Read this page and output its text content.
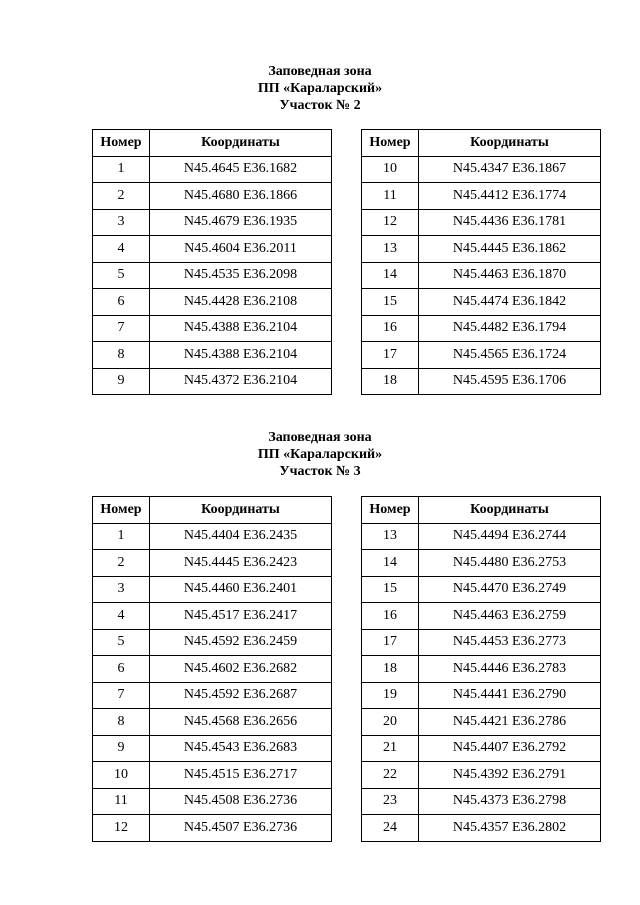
Заповедная зона
ПП «Караларский»
Участок № 2
Номер	Координаты
1	N45.4645 E36.1682
2	N45.4680 E36.1866
3	N45.4679 E36.1935
4	N45.4604 E36.2011
5	N45.4535 E36.2098
6	N45.4428 E36.2108
7	N45.4388 E36.2104
8	N45.4388 E36.2104
9	N45.4372 E36.2104
Номер	Координаты
10	N45.4347 E36.1867
11	N45.4412 E36.1774
12	N45.4436 E36.1781
13	N45.4445 E36.1862
14	N45.4463 E36.1870
15	N45.4474 E36.1842
16	N45.4482 E36.1794
17	N45.4565 E36.1724
18	N45.4595 E36.1706
Заповедная зона
ПП «Караларский»
Участок № 3
Номер	Координаты
1	N45.4404 E36.2435
2	N45.4445 E36.2423
3	N45.4460 E36.2401
4	N45.4517 E36.2417
5	N45.4592 E36.2459
6	N45.4602 E36.2682
7	N45.4592 E36.2687
8	N45.4568 E36.2656
9	N45.4543 E36.2683
10	N45.4515 E36.2717
11	N45.4508 E36.2736
12	N45.4507 E36.2736
Номер	Координаты
13	N45.4494 E36.2744
14	N45.4480 E36.2753
15	N45.4470 E36.2749
16	N45.4463 E36.2759
17	N45.4453 E36.2773
18	N45.4446 E36.2783
19	N45.4441 E36.2790
20	N45.4421 E36.2786
21	N45.4407 E36.2792
22	N45.4392 E36.2791
23	N45.4373 E36.2798
24	N45.4357 E36.2802
